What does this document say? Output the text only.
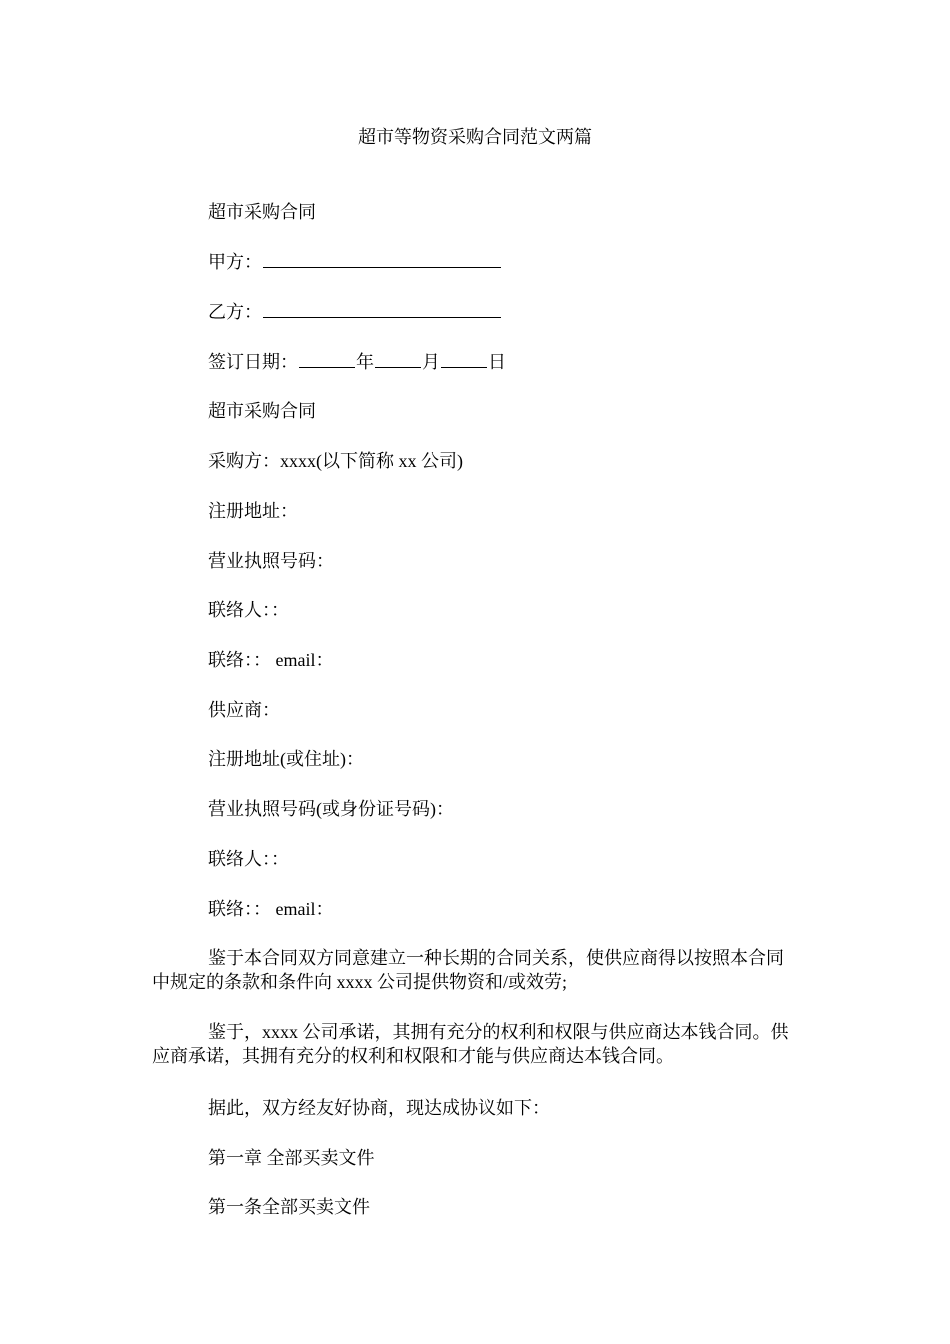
超市等物资采购合同范文两篇
超市采购合同
甲方：
乙方：
签订日期：	年	月	日
超市采购合同
采购方：xxxx(以下简称 xx 公司)
注册地址：
营业执照号码：
联络人：：
联络：： email：
供应商：
注册地址(或住址)：
营业执照号码(或身份证号码)：
联络人：：
联络：： email：
鉴于本合同双方同意建立一种长期的合同关系，使供应商得以按照本合同中规定的条款和条件向 xxxx 公司提供物资和/或效劳;
鉴于，xxxx 公司承诺，其拥有充分的权利和权限与供应商达本钱合同。供应商承诺，其拥有充分的权利和权限和才能与供应商达本钱合同。
据此，双方经友好协商，现达成协议如下：
第一章 全部买卖文件
第一条全部买卖文件
